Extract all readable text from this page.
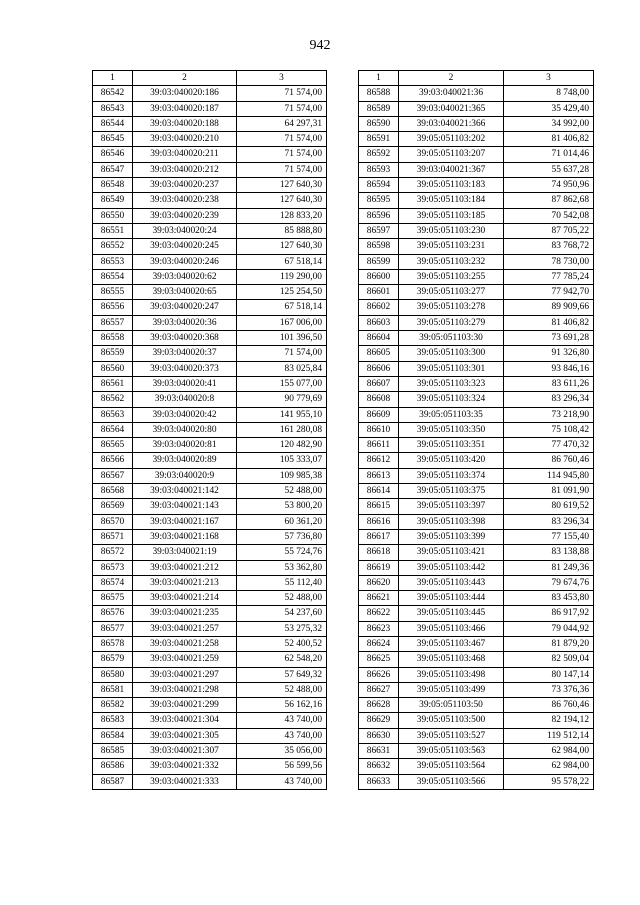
942
1	2	3
86542	39:03:040020:186	71 574,00
86543	39:03:040020:187	71 574,00
86544	39:03:040020:188	64 297,31
86545	39:03:040020:210	71 574,00
86546	39:03:040020:211	71 574,00
86547	39:03:040020:212	71 574,00
86548	39:03:040020:237	127 640,30
86549	39:03:040020:238	127 640,30
86550	39:03:040020:239	128 833,20
86551	39:03:040020:24	85 888,80
86552	39:03:040020:245	127 640,30
86553	39:03:040020:246	67 518,14
86554	39:03:040020:62	119 290,00
86555	39:03:040020:65	125 254,50
86556	39:03:040020:247	67 518,14
86557	39:03:040020:36	167 006,00
86558	39:03:040020:368	101 396,50
86559	39:03:040020:37	71 574,00
86560	39:03:040020:373	83 025,84
86561	39:03:040020:41	155 077,00
86562	39:03:040020:8	90 779,69
86563	39:03:040020:42	141 955,10
86564	39:03:040020:80	161 280,08
86565	39:03:040020:81	120 482,90
86566	39:03:040020:89	105 333,07
86567	39:03:040020:9	109 985,38
86568	39:03:040021:142	52 488,00
86569	39:03:040021:143	53 800,20
86570	39:03:040021:167	60 361,20
86571	39:03:040021:168	57 736,80
86572	39:03:040021:19	55 724,76
86573	39:03:040021:212	53 362,80
86574	39:03:040021:213	55 112,40
86575	39:03:040021:214	52 488,00
86576	39:03:040021:235	54 237,60
86577	39:03:040021:257	53 275,32
86578	39:03:040021:258	52 400,52
86579	39:03:040021:259	62 548,20
86580	39:03:040021:297	57 649,32
86581	39:03:040021:298	52 488,00
86582	39:03:040021:299	56 162,16
86583	39:03:040021:304	43 740,00
86584	39:03:040021:305	43 740,00
86585	39:03:040021:307	35 056,00
86586	39:03:040021:332	56 599,56
86587	39:03:040021:333	43 740,00
1	2	3
86588	39:03:040021:36	8 748,00
86589	39:03:040021:365	35 429,40
86590	39:03:040021:366	34 992,00
86591	39:05:051103:202	81 406,82
86592	39:05:051103:207	71 014,46
86593	39:03:040021:367	55 637,28
86594	39:05:051103:183	74 950,96
86595	39:05:051103:184	87 862,68
86596	39:05:051103:185	70 542,08
86597	39:05:051103:230	87 705,22
86598	39:05:051103:231	83 768,72
86599	39:05:051103:232	78 730,00
86600	39:05:051103:255	77 785,24
86601	39:05:051103:277	77 942,70
86602	39:05:051103:278	89 909,66
86603	39:05:051103:279	81 406,82
86604	39:05:051103:30	73 691,28
86605	39:05:051103:300	91 326,80
86606	39:05:051103:301	93 846,16
86607	39:05:051103:323	83 611,26
86608	39:05:051103:324	83 296,34
86609	39:05:051103:35	73 218,90
86610	39:05:051103:350	75 108,42
86611	39:05:051103:351	77 470,32
86612	39:05:051103:420	86 760,46
86613	39:05:051103:374	114 945,80
86614	39:05:051103:375	81 091,90
86615	39:05:051103:397	80 619,52
86616	39:05:051103:398	83 296,34
86617	39:05:051103:399	77 155,40
86618	39:05:051103:421	83 138,88
86619	39:05:051103:442	81 249,36
86620	39:05:051103:443	79 674,76
86621	39:05:051103:444	83 453,80
86622	39:05:051103:445	86 917,92
86623	39:05:051103:466	79 044,92
86624	39:05:051103:467	81 879,20
86625	39:05:051103:468	82 509,04
86626	39:05:051103:498	80 147,14
86627	39:05:051103:499	73 376,36
86628	39:05:051103:50	86 760,46
86629	39:05:051103:500	82 194,12
86630	39:05:051103:527	119 512,14
86631	39:05:051103:563	62 984,00
86632	39:05:051103:564	62 984,00
86633	39:05:051103:566	95 578,22
